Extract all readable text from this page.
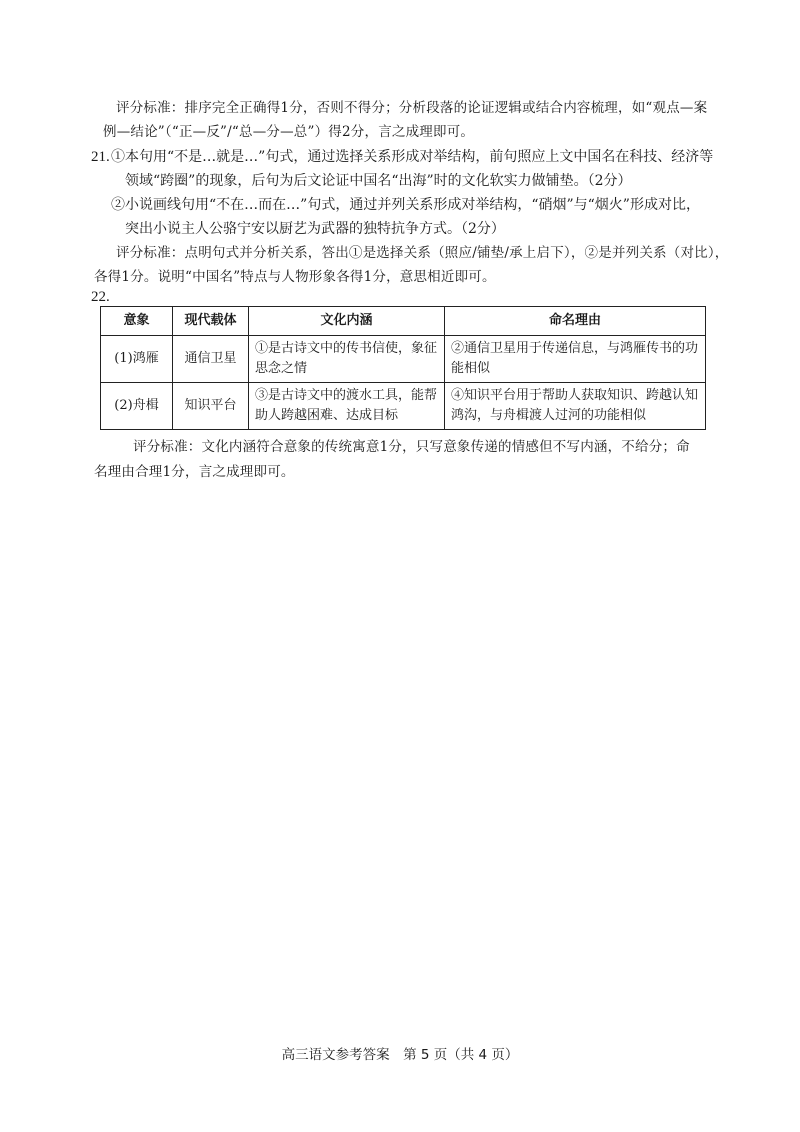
评分标准：排序完全正确得1分，否则不得分；分析段落的论证逻辑或结合内容梳理，如“观点—案
例—结论”（“正—反”/“总—分—总”）得2分，言之成理即可。
21. ①本句用“不是…就是…”句式，通过选择关系形成对举结构，前句照应上文中国名在科技、经济等
领域“跨圈”的现象，后句为后文论证中国名“出海”时的文化软实力做铺垫。（2分）
②小说画线句用“不在…而在…”句式，通过并列关系形成对举结构，“硝烟”与“烟火”形成对比，
突出小说主人公骆宁安以厨艺为武器的独特抗争方式。（2分）
评分标准：点明句式并分析关系，答出①是选择关系（照应/铺垫/承上启下），②是并列关系（对比），
各得1分。说明“中国名”特点与人物形象各得1分，意思相近即可。
22.
意象	现代载体	文化内涵	命名理由
(1)鸿雁	通信卫星	①是古诗文中的传书信使，象征思念之情	②通信卫星用于传递信息，与鸿雁传书的功能相似
(2)舟楫	知识平台	③是古诗文中的渡水工具，能帮助人跨越困难、达成目标	④知识平台用于帮助人获取知识、跨越认知鸿沟，与舟楫渡人过河的功能相似
评分标准：文化内涵符合意象的传统寓意1分，只写意象传递的情感但不写内涵，不给分；命
名理由合理1分，言之成理即可。
高三语文参考答案　第 5 页（共 4 页）
